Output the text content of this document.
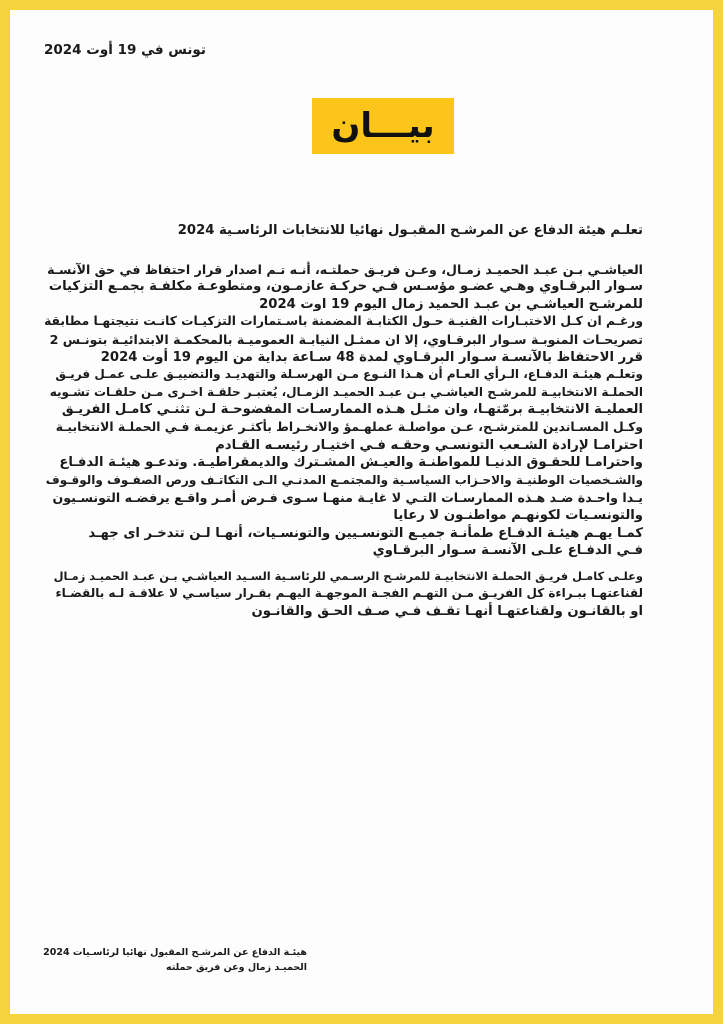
تونس في 19 أوت 2024
بيـــان
تعلـم هيئة الدفاع عن المرشـح المقبـول نهائيا للانتخابات الرئاسـية 2024
العياشـي بـن عبـد الحميـد زمـال، وعـن فريـق حملتـه، أنـه تـم اصدار قرار احتفاظ في حق الآنسـة
سـوار البرقـاوي وهـي عضـو مؤسـس فـي حركـة عازمـون، ومتطوعـة مكلفـة بجمـع التزكيات
للمرشـح العياشـي بن عبـد الحميد زمال اليوم 19 اوت 2024
ورغـم ان كـل الاختبـارات الفنيـة حـول الكتابـة المضمنة باسـتمارات التزكيـات كانـت نتيجتهـا مطابقة
تصريحـات المنوبـة سـوار البرقـاوي، إلا ان ممثـل النيابـة العموميـة بالمحكمـة الابتدائيـة بتونـس 2
قرر الاحتفاظ بالآنسـة سـوار البرقـاوي لمدة 48 سـاعة بداية من اليوم 19 أوت 2024
وتعلـم هيئـة الدفـاع، الـرأي العـام أن هـذا النـوع مـن الهرسـلة والتهديـد والتضييـق علـى عمـل فريـق
الحملـة الانتخابيـة للمرشـح العياشـي بـن عبـد الحميـد الزمـال، يُعتبـر حلقـة اخـرى مـن حلقـات تشـويه
العمليـة الانتخابيـة برمّتهـا، وان مثـل هـذه الممارسـات المفضوحـة لـن تثنـي كامـل الفريـق
وكـل المسـاندين للمترشـح، عـن مواصلـة عملهـمؤ والانخـراط بأكثـر عزيمـة فـي الحملـة الانتخابيـة
احترامـا لإرادة الشـعب التونسـي وحقـه فـي اختيـار رئيسـه القـادم
واحترامـا للحقـوق الدنيـا للمواطنـة والعيـش المشـترك والديمقراطيـة. وتدعـو هيئـة الدفـاع
والشـخصيات الوطنيـة والاحـزاب السياسـية والمجتمـع المدنـي الـى التكاتـف ورص الصفـوف والوقـوف
يـدا واحـدة ضـد هـذه الممارسـات التـي لا غايـة منهـا سـوى فـرض أمـر واقـع يرفضـه التونسـيون
والتونسـيات لكونهـم مواطنـون لا رعايا
كمـا يهـم هيئـة الدفـاع طمأنـة جميـع التونسـيين والتونسـيات، أنهـا لـن تتدخـر اى جهـد
فـي الدفـاع علـى الآنسـة سـوار البرقـاوي
وعلـى كامـل فريـق الحملـة الانتخابيـة للمرشـح الرسـمي للرئاسـية السـيد العياشـي بـن عبـد الحميـد زمـال
لقناعتهـا ببـراءة كل الفريـق مـن التهـم الفجـة الموجهـة اليهـم بقـرار سياسـي لا علاقـة لـه بالقضـاء
او بالقانـون ولقناعتهـا أنهـا تقـف فـي صـف الحـق والقانـون
هيئـة الدفاع عن المرشـح المقبول نهائيا لرئاسـيات 2024
الحميـد زمال وعن فريق حملته
